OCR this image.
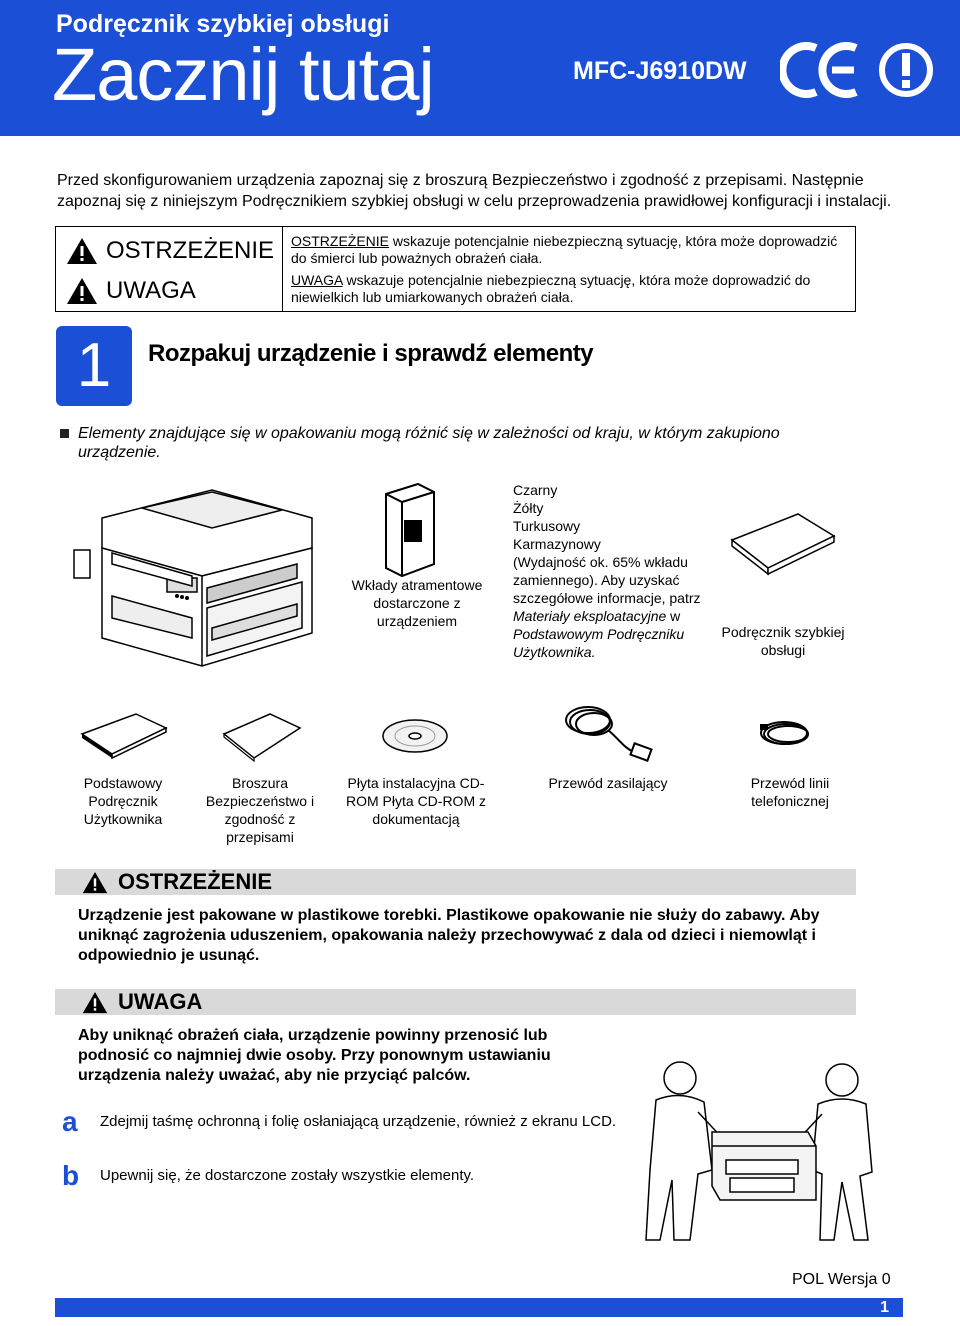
Podręcznik szybkiej obsługi
Zacznij tutaj	MFC-J6910DW
Przed skonfigurowaniem urządzenia zapoznaj się z broszurą Bezpieczeństwo i zgodność z przepisami. Następnie zapoznaj się z niniejszym Podręcznikiem szybkiej obsługi w celu przeprowadzenia prawidłowej konfiguracji i instalacji.
OSTRZEŻENIE
UWAGA

OSTRZEŻENIE wskazuje potencjalnie niebezpieczną sytuację, która może doprowadzić do śmierci lub poważnych obrażeń ciała.

UWAGA wskazuje potencjalnie niebezpieczną sytuację, która może doprowadzić do niewielkich lub umiarkowanych obrażeń ciała.

1	Rozpakuj urządzenie i sprawdź elementy
Elementy znajdujące się w opakowaniu mogą różnić się w zależności od kraju, w którym zakupiono urządzenie.
Wkłady atramentowe dostarczone z urządzeniem
Czarny
Żółty
Turkusowy
Karmazynowy
(Wydajność ok. 65% wkładu zamiennego). Aby uzyskać szczegółowe informacje, patrz Materiały eksploatacyjne w Podstawowym Podręczniku Użytkownika.
Podręcznik szybkiej obsługi
Podstawowy Podręcznik Użytkownika
Broszura Bezpieczeństwo i zgodność z przepisami
Płyta instalacyjna CD-ROM Płyta CD-ROM z dokumentacją
Przewód zasilający	Przewód linii telefonicznej
OSTRZEŻENIE
Urządzenie jest pakowane w plastikowe torebki. Plastikowe opakowanie nie służy do zabawy. Aby uniknąć zagrożenia uduszeniem, opakowania należy przechowywać z dala od dzieci i niemowląt i odpowiednio je usunąć.
UWAGA
Aby uniknąć obrażeń ciała, urządzenie powinny przenosić lub podnosić co najmniej dwie osoby. Przy ponownym ustawianiu urządzenia należy uważać, aby nie przyciąć palców.
a Zdejmij taśmę ochronną i folię osłaniającą urządzenie, również z ekranu LCD.
b Upewnij się, że dostarczone zostały wszystkie elementy.
POL Wersja 0
1
